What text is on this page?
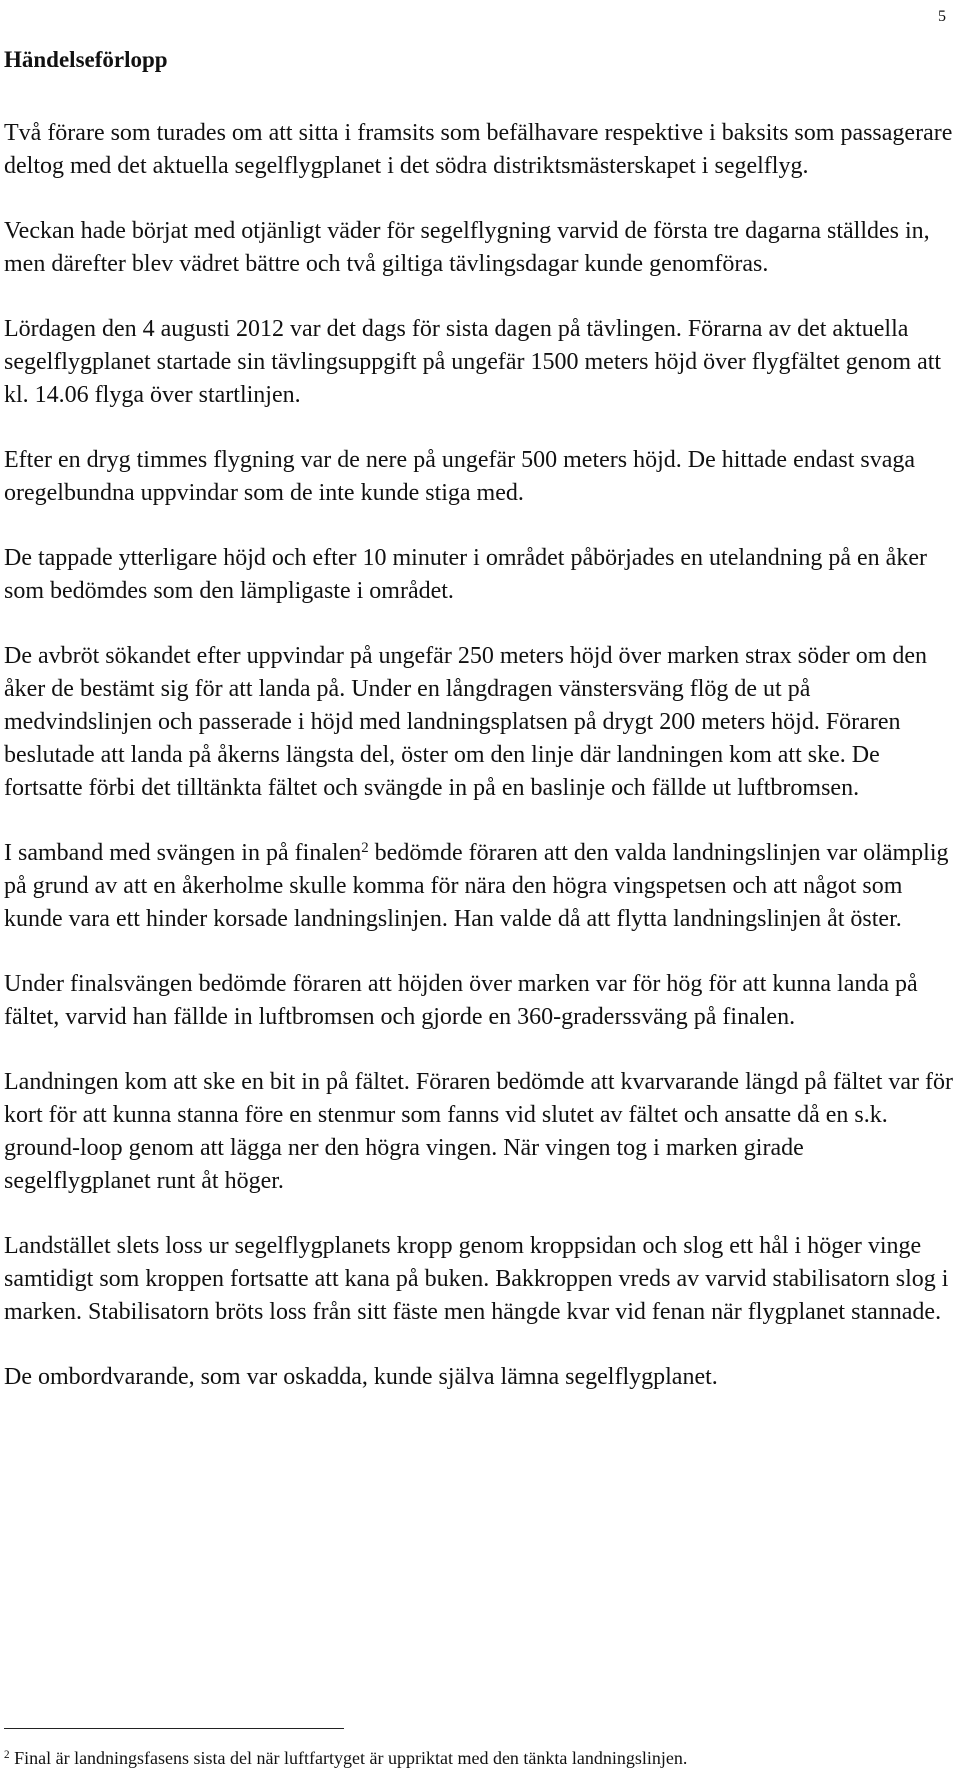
5
Händelseförlopp

Två förare som turades om att sitta i framsits som befälhavare respektive i baksits som passagerare deltog med det aktuella segelflygplanet i det södra distriktsmästerskapet i segelflyg.

Veckan hade börjat med otjänligt väder för segelflygning varvid de första tre dagarna ställdes in, men därefter blev vädret bättre och två giltiga tävlingsdagar kunde genomföras.

Lördagen den 4 augusti 2012 var det dags för sista dagen på tävlingen. Förarna av det aktuella segelflygplanet startade sin tävlingsuppgift på ungefär 1500 meters höjd över flygfältet genom att kl. 14.06 flyga över startlinjen.

Efter en dryg timmes flygning var de nere på ungefär 500 meters höjd. De hittade endast svaga oregelbundna uppvindar som de inte kunde stiga med.

De tappade ytterligare höjd och efter 10 minuter i området påbörjades en utelandning på en åker som bedömdes som den lämpligaste i området.

De avbröt sökandet efter uppvindar på ungefär 250 meters höjd över marken strax söder om den åker de bestämt sig för att landa på. Under en långdragen vänstersväng flög de ut på medvindslinjen och passerade i höjd med landningsplatsen på drygt 200 meters höjd. Föraren beslutade att landa på åkerns längsta del, öster om den linje där landningen kom att ske. De fortsatte förbi det tilltänkta fältet och svängde in på en baslinje och fällde ut luftbromsen.

I samband med svängen in på finalen$^2$ bedömde föraren att den valda landningslinjen var olämplig på grund av att en åkerholme skulle komma för nära den högra vingspetsen och att något som kunde vara ett hinder korsade landningslinjen. Han valde då att flytta landningslinjen åt öster.

Under finalsvängen bedömde föraren att höjden över marken var för hög för att kunna landa på fältet, varvid han fällde in luftbromsen och gjorde en 360-graderssväng på finalen.

Landningen kom att ske en bit in på fältet. Föraren bedömde att kvarvarande längd på fältet var för kort för att kunna stanna före en stenmur som fanns vid slutet av fältet och ansatte då en s.k. ground-loop genom att lägga ner den högra vingen. När vingen tog i marken girade segelflygplanet runt åt höger.

Landstället slets loss ur segelflygplanets kropp genom kroppsidan och slog ett hål i höger vinge samtidigt som kroppen fortsatte att kana på buken. Bakkroppen vreds av varvid stabilisatorn slog i marken. Stabilisatorn bröts loss från sitt fäste men hängde kvar vid fenan när flygplanet stannade.

De ombordvarande, som var oskadda, kunde själva lämna segelflygplanet.

$^2$ Final är landningsfasens sista del när luftfartyget är uppriktat med den tänkta landningslinjen.
